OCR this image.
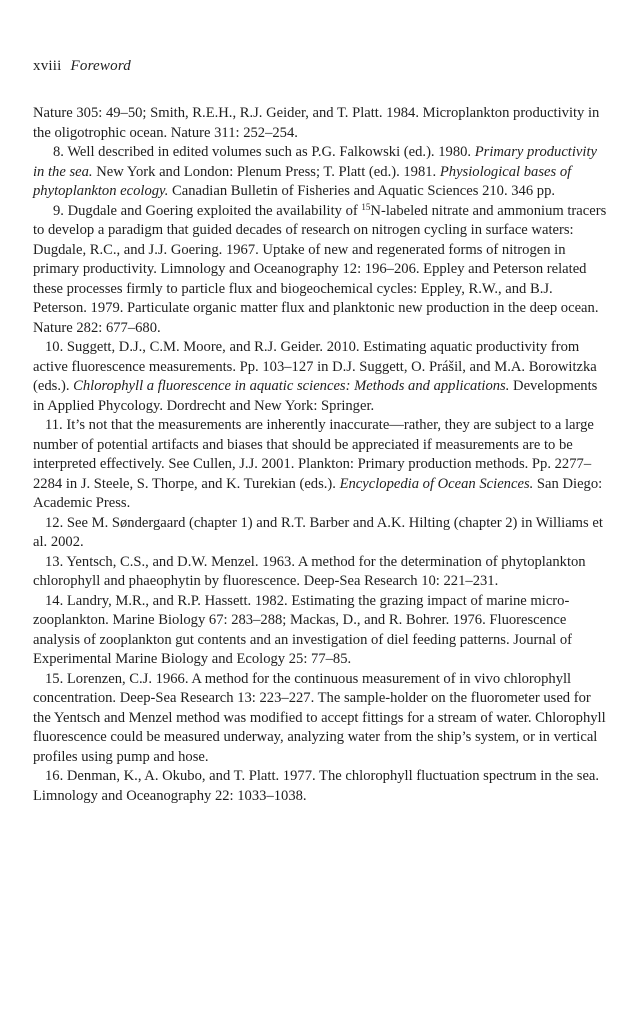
xviii Foreword

Nature 305: 49–50; Smith, R.E.H., R.J. Geider, and T. Platt. 1984. Microplankton productivity in the oligotrophic ocean. Nature 311: 252–254.

8. Well described in edited volumes such as P.G. Falkowski (ed.). 1980. Primary productivity in the sea. New York and London: Plenum Press; T. Platt (ed.). 1981. Physiological bases of phytoplankton ecology. Canadian Bulletin of Fisheries and Aquatic Sciences 210. 346 pp.

9. Dugdale and Goering exploited the availability of $^{15}$N-labeled nitrate and ammonium tracers to develop a paradigm that guided decades of research on nitrogen cycling in surface waters: Dugdale, R.C., and J.J. Goering. 1967. Uptake of new and regenerated forms of nitrogen in primary productivity. Limnology and Oceanography 12: 196–206. Eppley and Peterson related these processes firmly to particle flux and biogeochemical cycles: Eppley, R.W., and B.J. Peterson. 1979. Particulate organic matter flux and planktonic new production in the deep ocean. Nature 282: 677–680.

10. Suggett, D.J., C.M. Moore, and R.J. Geider. 2010. Estimating aquatic productivity from active fluorescence measurements. Pp. 103–127 in D.J. Suggett, O. Prášil, and M.A. Borowitzka (eds.). Chlorophyll a fluorescence in aquatic sciences: Methods and applications. Developments in Applied Phycology. Dordrecht and New York: Springer.

11. It’s not that the measurements are inherently inaccurate—rather, they are subject to a large number of potential artifacts and biases that should be appreciated if measurements are to be interpreted effectively. See Cullen, J.J. 2001. Plankton: Primary production methods. Pp. 2277–2284 in J. Steele, S. Thorpe, and K. Turekian (eds.). Encyclopedia of Ocean Sciences. San Diego: Academic Press.

12. See M. Søndergaard (chapter 1) and R.T. Barber and A.K. Hilting (chapter 2) in Williams et al. 2002.

13. Yentsch, C.S., and D.W. Menzel. 1963. A method for the determination of phytoplankton chlorophyll and phaeophytin by fluorescence. Deep-Sea Research 10: 221–231.

14. Landry, M.R., and R.P. Hassett. 1982. Estimating the grazing impact of marine micro-zooplankton. Marine Biology 67: 283–288; Mackas, D., and R. Bohrer. 1976. Fluorescence analysis of zooplankton gut contents and an investigation of diel feeding patterns. Journal of Experimental Marine Biology and Ecology 25: 77–85.

15. Lorenzen, C.J. 1966. A method for the continuous measurement of in vivo chlorophyll concentration. Deep-Sea Research 13: 223–227. The sample-holder on the fluorometer used for the Yentsch and Menzel method was modified to accept fittings for a stream of water. Chlorophyll fluorescence could be measured underway, analyzing water from the ship’s system, or in vertical profiles using pump and hose.

16. Denman, K., A. Okubo, and T. Platt. 1977. The chlorophyll fluctuation spectrum in the sea. Limnology and Oceanography 22: 1033–1038.
